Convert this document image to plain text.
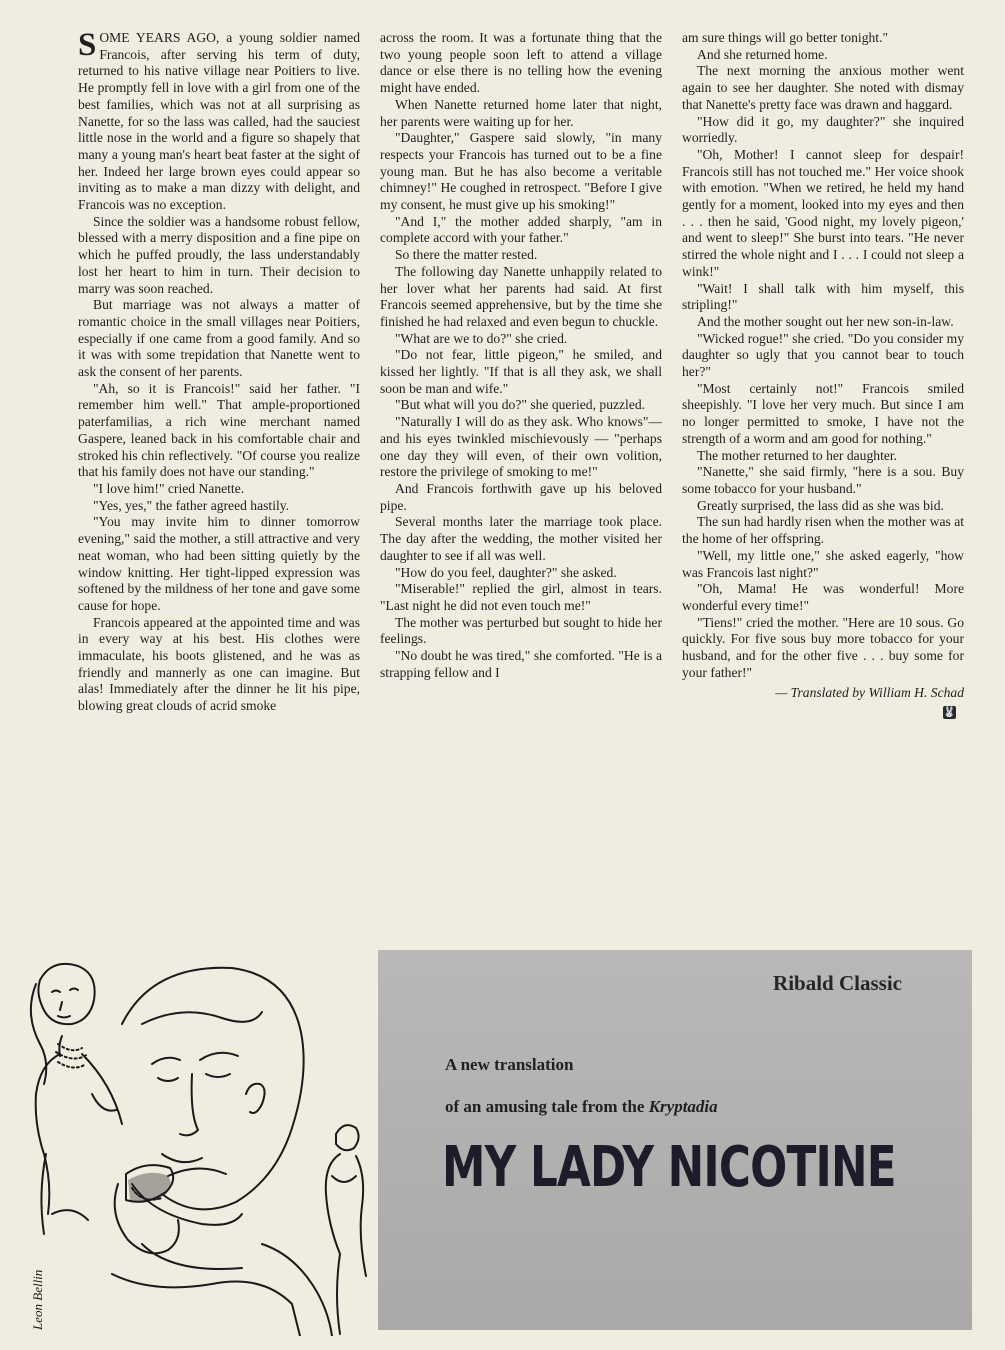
SOME YEARS AGO, a young soldier named Francois, after serving his term of duty, returned to his native village near Poitiers to live. He promptly fell in love with a girl from one of the best families, which was not at all surprising as Nanette, for so the lass was called, had the sauciest little nose in the world and a figure so shapely that many a young man's heart beat faster at the sight of her. Indeed her large brown eyes could appear so inviting as to make a man dizzy with delight, and Francois was no exception.

Since the soldier was a handsome robust fellow, blessed with a merry disposition and a fine pipe on which he puffed proudly, the lass understandably lost her heart to him in turn. Their decision to marry was soon reached.

But marriage was not always a matter of romantic choice in the small villages near Poitiers, especially if one came from a good family. And so it was with some trepidation that Nanette went to ask the consent of her parents.

"Ah, so it is Francois!" said her father. "I remember him well." That ample-proportioned paterfamilias, a rich wine merchant named Gaspere, leaned back in his comfortable chair and stroked his chin reflectively. "Of course you realize that his family does not have our standing."

"I love him!" cried Nanette.

"Yes, yes," the father agreed hastily.

"You may invite him to dinner tomorrow evening," said the mother, a still attractive and very neat woman, who had been sitting quietly by the window knitting. Her tight-lipped expression was softened by the mildness of her tone and gave some cause for hope.

Francois appeared at the appointed time and was in every way at his best. His clothes were immaculate, his boots glistened, and he was as friendly and mannerly as one can imagine. But alas! Immediately after the dinner he lit his pipe, blowing great clouds of acrid smoke

across the room. It was a fortunate thing that the two young people soon left to attend a village dance or else there is no telling how the evening might have ended.

When Nanette returned home later that night, her parents were waiting up for her.

"Daughter," Gaspere said slowly, "in many respects your Francois has turned out to be a fine young man. But he has also become a veritable chimney!" He coughed in retrospect. "Before I give my consent, he must give up his smoking!"

"And I," the mother added sharply, "am in complete accord with your father."

So there the matter rested.

The following day Nanette unhappily related to her lover what her parents had said. At first Francois seemed apprehensive, but by the time she finished he had relaxed and even begun to chuckle.

"What are we to do?" she cried.

"Do not fear, little pigeon," he smiled, and kissed her lightly. "If that is all they ask, we shall soon be man and wife."

"But what will you do?" she queried, puzzled.

"Naturally I will do as they ask. Who knows"—and his eyes twinkled mischievously — "perhaps one day they will even, of their own volition, restore the privilege of smoking to me!"

And Francois forthwith gave up his beloved pipe.

Several months later the marriage took place. The day after the wedding, the mother visited her daughter to see if all was well.

"How do you feel, daughter?" she asked.

"Miserable!" replied the girl, almost in tears. "Last night he did not even touch me!"

The mother was perturbed but sought to hide her feelings.

"No doubt he was tired," she comforted. "He is a strapping fellow and I

am sure things will go better tonight."

And she returned home.

The next morning the anxious mother went again to see her daughter. She noted with dismay that Nanette's pretty face was drawn and haggard.

"How did it go, my daughter?" she inquired worriedly.

"Oh, Mother! I cannot sleep for despair! Francois still has not touched me." Her voice shook with emotion. "When we retired, he held my hand gently for a moment, looked into my eyes and then . . . then he said, 'Good night, my lovely pigeon,' and went to sleep!" She burst into tears. "He never stirred the whole night and I . . . I could not sleep a wink!"

"Wait! I shall talk with him myself, this stripling!"

And the mother sought out her new son-in-law.

"Wicked rogue!" she cried. "Do you consider my daughter so ugly that you cannot bear to touch her?"

"Most certainly not!" Francois smiled sheepishly. "I love her very much. But since I am no longer permitted to smoke, I have not the strength of a worm and am good for nothing."

The mother returned to her daughter.

"Nanette," she said firmly, "here is a sou. Buy some tobacco for your husband."

Greatly surprised, the lass did as she was bid.

The sun had hardly risen when the mother was at the home of her offspring.

"Well, my little one," she asked eagerly, "how was Francois last night?"

"Oh, Mama! He was wonderful! More wonderful every time!"

"Tiens!" cried the mother. "Here are 10 sous. Go quickly. For five sous buy more tobacco for your husband, and for the other five . . . buy some for your father!"

— Translated by William H. Schad
🐰
Leon Bellin
Ribald Classic
A new translation
of an amusing tale from the Kryptadia
MY LADY NICOTINE
